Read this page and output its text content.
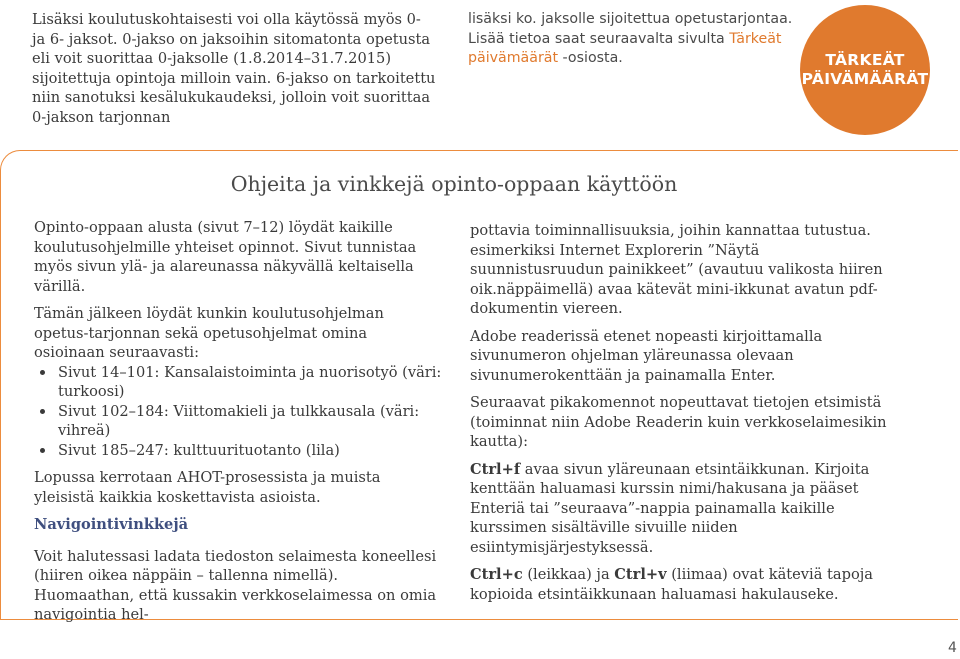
Lisäksi koulutuskohtaisesti voi olla käytössä myös 0- ja 6- jaksot. 0-jakso on jaksoihin sitomatonta opetusta eli voit suorittaa 0-jaksolle (1.8.2014–31.7.2015) sijoitettuja opintoja milloin vain. 6-jakso on tarkoitettu niin sanotuksi kesälukukaudeksi, jolloin voit suorittaa 0-jakson tarjonnan

lisäksi ko. jaksolle sijoitettua opetustarjontaa.
Lisää tietoa saat seuraavalta sivulta Tärkeät päivämäärät -osiosta.	TÄRKEÄT
PÄIVÄMÄÄRÄT
Ohjeita ja vinkkejä opinto-oppaan käyttöön

Opinto-oppaan alusta (sivut 7–12) löydät kaikille koulutusohjelmille yhteiset opinnot. Sivut tunnistaa myös sivun ylä- ja alareunassa näkyvällä keltaisella värillä.

Tämän jälkeen löydät kunkin koulutusohjelman opetus-tarjonnan sekä opetusohjelmat omina osioinaan seuraavasti:

Sivut 14–101: Kansalaistoiminta ja nuorisotyö (väri: turkoosi)
Sivut 102–184: Viittomakieli ja tulkkausala (väri: vihreä)
Sivut 185–247: kulttuurituotanto (lila)

Lopussa kerrotaan AHOT-prosessista ja muista yleisistä kaikkia koskettavista asioista.

Navigointivinkkejä

Voit halutessasi ladata tiedoston selaimesta koneellesi (hiiren oikea näppäin – tallenna nimellä). Huomaathan, että kussakin verkkoselaimessa on omia navigointia hel-

pottavia toiminnallisuuksia, joihin kannattaa tutustua. esimerkiksi Internet Explorerin ”Näytä suunnistusruudun painikkeet” (avautuu valikosta hiiren oik.näppäimellä) avaa kätevät mini-ikkunat avatun pdf-dokumentin viereen.

Adobe readerissä etenet nopeasti kirjoittamalla sivunumeron ohjelman yläreunassa olevaan sivunumerokenttään ja painamalla Enter.

Seuraavat pikakomennot nopeuttavat tietojen etsimistä (toiminnat niin Adobe Readerin kuin verkkoselaimesikin kautta):

Ctrl+f avaa sivun yläreunaan etsintäikkunan. Kirjoita kenttään haluamasi kurssin nimi/hakusana ja pääset Enteriä tai ”seuraava”-nappia painamalla kaikille kurssimen sisältäville sivuille niiden esiintymisjärjestyksessä.

Ctrl+c (leikkaa) ja Ctrl+v (liimaa) ovat käteviä tapoja kopioida etsintäikkunaan haluamasi hakulauseke.

4
